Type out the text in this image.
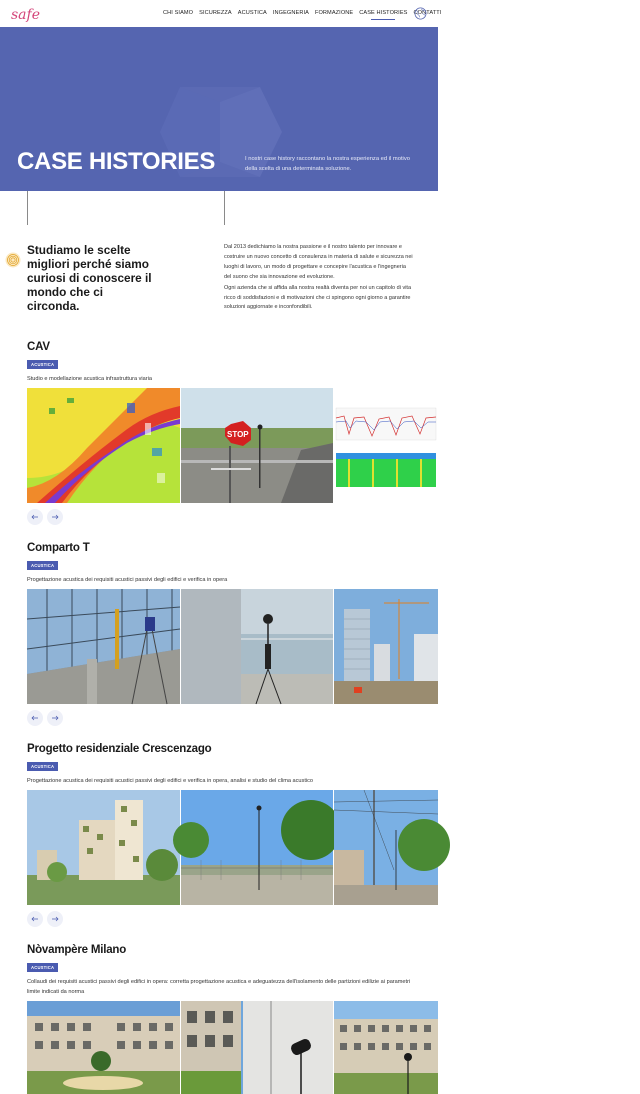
safe	CHI SIAMO SICUREZZA ACUSTICA INGEGNERIA FORMAZIONE CASE HISTORIES CONTATTI
CASE HISTORIES	I nostri case history raccontano la nostra esperienza ed il motivo della scelta di una determinata soluzione.

Studiamo le scelte migliori perché siamo curiosi di conoscere il mondo che ci circonda.

Dal 2013 dedichiamo la nostra passione e il nostro talento per innovare e costruire un nuovo concetto di consulenza in materia di salute e sicurezza nei luoghi di lavoro, un modo di progettare e concepire l'acustica e l'ingegneria del suono che sia innovazione ed evoluzione.

Ogni azienda che si affida alla nostra realtà diventa per noi un capitolo di vita ricco di soddisfazioni e di motivazioni che ci spingono ogni giorno a garantire soluzioni aggiornate e inconfondibili.

CAV
ACUSTICA

Studio e modellazione acustica infrastruttura viaria

STOP
Comparto T
ACUSTICA

Progettazione acustica dei requisiti acustici passivi degli edifici e verifica in opera

Progetto residenziale Crescenzago
ACUSTICA

Progettazione acustica dei requisiti acustici passivi degli edifici e verifica in opera, analisi e studio del clima acustico

Nòvampère Milano
ACUSTICA

Collaudi dei requisiti acustici passivi degli edifici in opera: corretta progettazione acustica e adeguatezza dell'isolamento delle partizioni edilizie ai parametri limite indicati da norma
